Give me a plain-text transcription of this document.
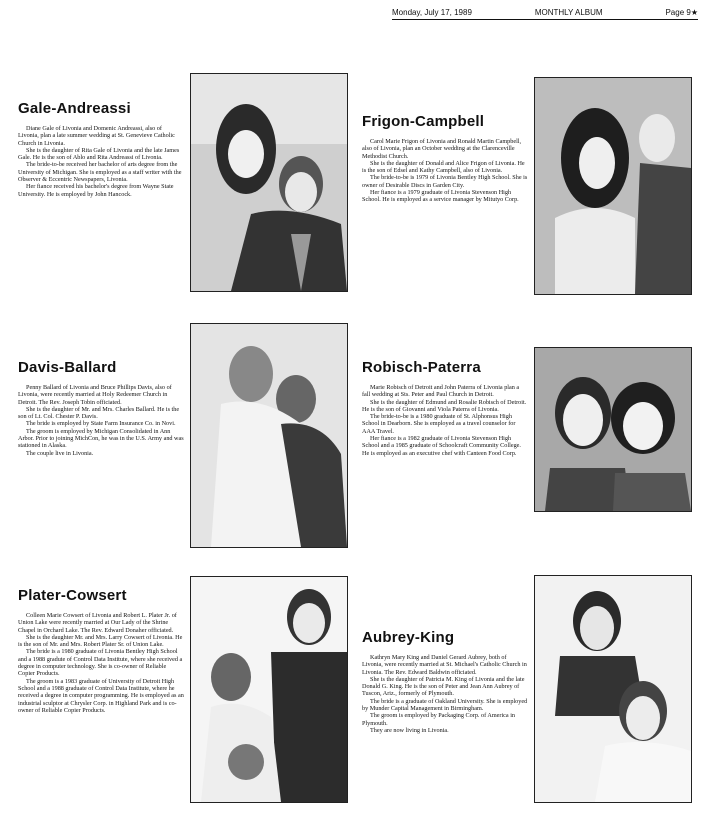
Monday, July 17, 1989	MONTHLY ALBUM	Page 9★
Gale-Andreassi

Diane Gale of Livonia and Domenic Andreassi, also of Livonia, plan a late summer wedding at St. Genevieve Catholic Church in Livonia.

She is the daughter of Rita Gale of Livonia and the late James Gale. He is the son of Ablo and Rita Andreassi of Livonia.

The bride-to-be received her bachelor of arts degree from the University of Michigan. She is employed as a staff writer with the Observer & Eccentric Newspapers, Livonia.

Her fiance received his bachelor's degree from Wayne State University. He is employed by John Hancock.

Frigon-Campbell

Carol Marie Frigon of Livonia and Ronald Martin Campbell, also of Livonia, plan an October wedding at the Clarenceville Methodist Church.

She is the daughter of Donald and Alice Frigon of Livonia. He is the son of Edsel and Kathy Campbell, also of Livonia.

The bride-to-be is 1979 of Livonia Bentley High School. She is owner of Desirable Discs in Garden City.

Her fiance is a 1979 graduate of Livonia Stevenson High School. He is employed as a service manager by Mitutyo Corp.

Davis-Ballard

Penny Ballard of Livonia and Bruce Phillips Davis, also of Livonia, were recently married at Holy Redeemer Church in Detroit. The Rev. Joseph Tobin officiated.

She is the daughter of Mr. and Mrs. Charles Ballard. He is the son of Lt. Col. Chester P. Davis.

The bride is employed by State Farm Insurance Co. in Novi.

The groom is employed by Michigan Consolidated in Ann Arbor. Prior to joining MichCon, he was in the U.S. Army and was stationed in Alaska.

The couple live in Livonia.

Robisch-Paterra

Marie Robisch of Detroit and John Paterra of Livonia plan a fall wedding at Sts. Peter and Paul Church in Detroit.

She is the daughter of Edmund and Rosalie Robisch of Detroit. He is the son of Giovanni and Viola Paterra of Livonia.

The bride-to-be is a 1980 graduate of St. Alphonsus High School in Dearborn. She is employed as a travel counselor for AAA Travel.

Her fiance is a 1982 graduate of Livonia Stevenson High School and a 1985 graduate of Schoolcraft Community College. He is employed as an executive chef with Canteen Food Corp.

Plater-Cowsert

Colleen Marie Cowsert of Livonia and Robert L. Plater Jr. of Union Lake were recently married at Our Lady of the Shrine Chapel in Orchard Lake. The Rev. Edward Donaher officiated.

She is the daughter Mr. and Mrs. Larry Cowsert of Livonia. He is the son of Mr. and Mrs. Robert Plater Sr. of Union Lake.

The bride is a 1980 graduate of Livonia Bentley High School and a 1988 gradute of Control Data Institute, where she received a degree in computer technology. She is co-owner of Reliable Copier Products.

The groom is a 1983 graduate of University of Detroit High School and a 1988 graduate of Control Data Institute, where he received a degree in computer programming. He is employed as an industrial sculptor at Chrysler Corp. in Highland Park and is co-owner of Reliable Copier Products.

Aubrey-King

Kathryn Mary King and Daniel Gerard Aubrey, both of Livonia, were recently married at St. Michael's Catholic Church in Livonia. The Rev. Edward Baldwin officiated.

She is the daughter of Patricia M. King of Livonia and the late Donald G. King. He is the son of Peter and Jean Ann Aubrey of Tuscon, Ariz., formerly of Plymouth.

The bride is a graduate of Oakland University. She is employed by Munder Capital Management in Birmingham.

The groom is employed by Packaging Corp. of America in Plymouth.

They are now living in Livonia.
